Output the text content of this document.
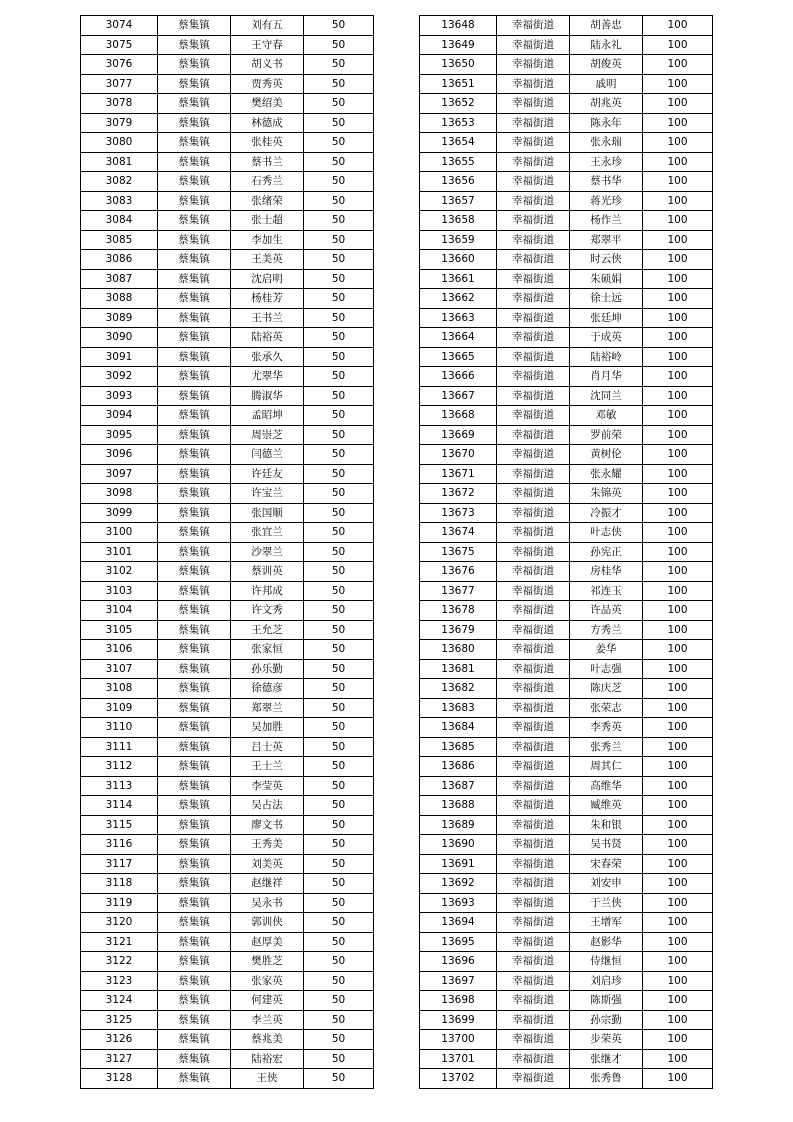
3074	蔡集镇	刘有五	50
3075	蔡集镇	王守春	50
3076	蔡集镇	胡义书	50
3077	蔡集镇	贾秀英	50
3078	蔡集镇	樊绍美	50
3079	蔡集镇	林德成	50
3080	蔡集镇	张桂英	50
3081	蔡集镇	蔡书兰	50
3082	蔡集镇	石秀兰	50
3083	蔡集镇	张绪荣	50
3084	蔡集镇	张士超	50
3085	蔡集镇	李加生	50
3086	蔡集镇	王美英	50
3087	蔡集镇	沈启明	50
3088	蔡集镇	杨桂芳	50
3089	蔡集镇	王书兰	50
3090	蔡集镇	陆裕英	50
3091	蔡集镇	张承久	50
3092	蔡集镇	尤翠华	50
3093	蔡集镇	腾淑华	50
3094	蔡集镇	孟昭坤	50
3095	蔡集镇	周崇芝	50
3096	蔡集镇	闫德兰	50
3097	蔡集镇	许廷友	50
3098	蔡集镇	许宝兰	50
3099	蔡集镇	张国顺	50
3100	蔡集镇	张宜兰	50
3101	蔡集镇	沙翠兰	50
3102	蔡集镇	蔡训英	50
3103	蔡集镇	许邦成	50
3104	蔡集镇	许文秀	50
3105	蔡集镇	王允芝	50
3106	蔡集镇	张家恒	50
3107	蔡集镇	孙乐勤	50
3108	蔡集镇	徐德彦	50
3109	蔡集镇	郑翠兰	50
3110	蔡集镇	吴加胜	50
3111	蔡集镇	吕士英	50
3112	蔡集镇	王士兰	50
3113	蔡集镇	李莹英	50
3114	蔡集镇	吴占法	50
3115	蔡集镇	廖文书	50
3116	蔡集镇	王秀美	50
3117	蔡集镇	刘美英	50
3118	蔡集镇	赵继祥	50
3119	蔡集镇	吴永书	50
3120	蔡集镇	郭训侠	50
3121	蔡集镇	赵厚美	50
3122	蔡集镇	樊胜芝	50
3123	蔡集镇	张家英	50
3124	蔡集镇	何建英	50
3125	蔡集镇	李兰英	50
3126	蔡集镇	蔡兆美	50
3127	蔡集镇	陆裕宏	50
3128	蔡集镇	王侠	50
13648	幸福街道	胡善忠	100
13649	幸福街道	陆永礼	100
13650	幸福街道	胡俊英	100
13651	幸福街道	戚明	100
13652	幸福街道	胡兆英	100
13653	幸福街道	陈永年	100
13654	幸福街道	张永瑞	100
13655	幸福街道	王永珍	100
13656	幸福街道	蔡书华	100
13657	幸福街道	蒋光珍	100
13658	幸福街道	杨作兰	100
13659	幸福街道	郑翠平	100
13660	幸福街道	时云侠	100
13661	幸福街道	朱硕娟	100
13662	幸福街道	徐士远	100
13663	幸福街道	张廷坤	100
13664	幸福街道	于成英	100
13665	幸福街道	陆裕岭	100
13666	幸福街道	肖月华	100
13667	幸福街道	沈同兰	100
13668	幸福街道	邓敏	100
13669	幸福街道	罗前荣	100
13670	幸福街道	黄树伦	100
13671	幸福街道	张永耀	100
13672	幸福街道	朱锦英	100
13673	幸福街道	冷振才	100
13674	幸福街道	叶志侠	100
13675	幸福街道	孙宪正	100
13676	幸福街道	房桂华	100
13677	幸福街道	祁连玉	100
13678	幸福街道	许品英	100
13679	幸福街道	方秀兰	100
13680	幸福街道	姜华	100
13681	幸福街道	叶志强	100
13682	幸福街道	陈庆芝	100
13683	幸福街道	张荣志	100
13684	幸福街道	李秀英	100
13685	幸福街道	张秀兰	100
13686	幸福街道	周其仁	100
13687	幸福街道	高维华	100
13688	幸福街道	臧维英	100
13689	幸福街道	朱和银	100
13690	幸福街道	吴书贤	100
13691	幸福街道	宋春荣	100
13692	幸福街道	刘安申	100
13693	幸福街道	于兰侠	100
13694	幸福街道	王增军	100
13695	幸福街道	赵影华	100
13696	幸福街道	侍继恒	100
13697	幸福街道	刘启珍	100
13698	幸福街道	陈斯强	100
13699	幸福街道	孙宗勤	100
13700	幸福街道	步荣英	100
13701	幸福街道	张继才	100
13702	幸福街道	张秀鲁	100
